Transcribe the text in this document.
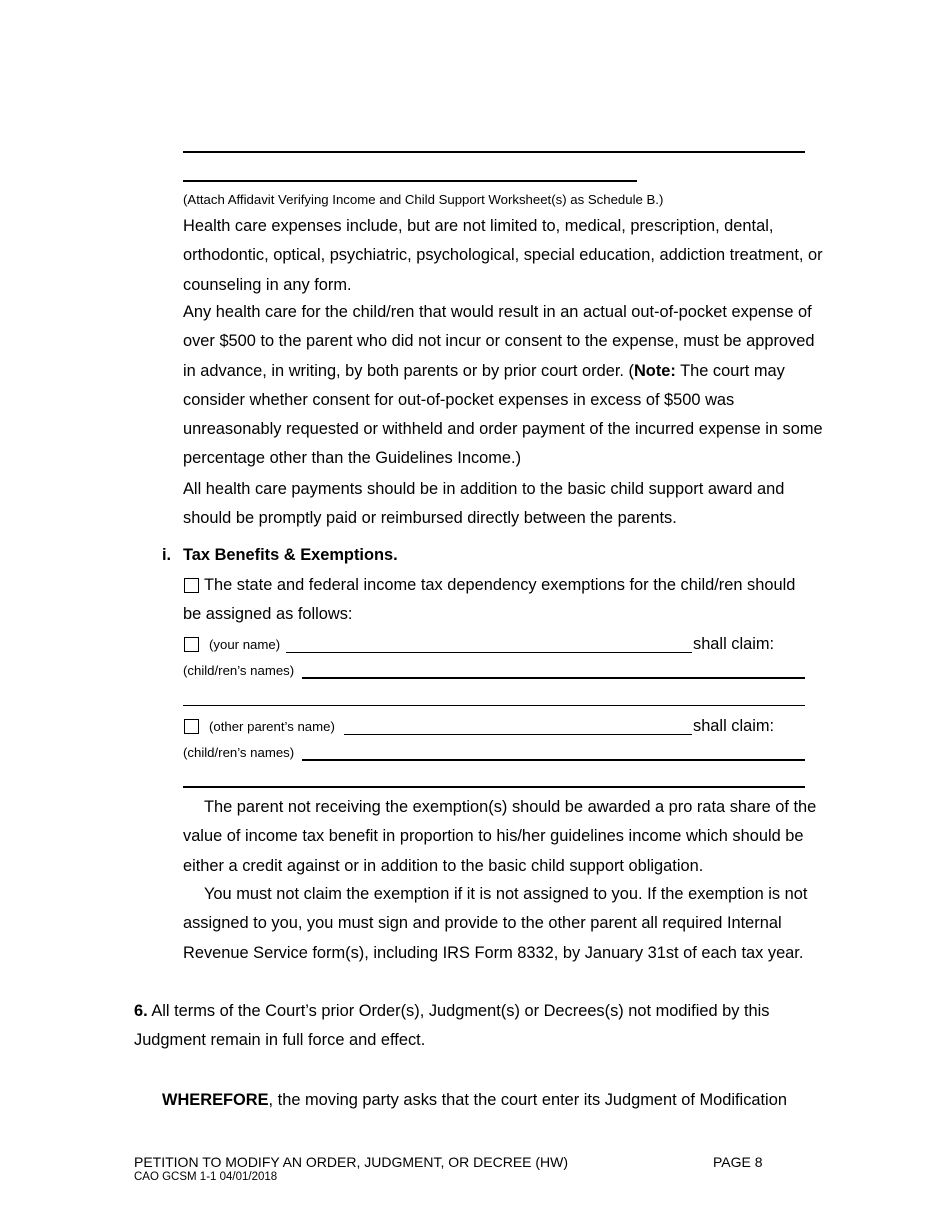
(Attach Affidavit Verifying Income and Child Support Worksheet(s) as Schedule B.)

Health care expenses include, but are not limited to, medical, prescription, dental, orthodontic, optical, psychiatric, psychological, special education, addiction treatment, or counseling in any form.

Any health care for the child/ren that would result in an actual out-of-pocket expense of over $500 to the parent who did not incur or consent to the expense, must be approved in advance, in writing, by both parents or by prior court order. (Note: The court may consider whether consent for out-of-pocket expenses in excess of $500 was unreasonably requested or withheld and order payment of the incurred expense in some percentage other than the Guidelines Income.)

All health care payments should be in addition to the basic child support award and should be promptly paid or reimbursed directly between the parents.

i. Tax Benefits & Exemptions.

The state and federal income tax dependency exemptions for the child/ren should be assigned as follows:

(your name)	shall claim:
(child/ren’s names)
(other parent’s name)	shall claim:
(child/ren’s names)

The parent not receiving the exemption(s) should be awarded a pro rata share of the value of income tax benefit in proportion to his/her guidelines income which should be either a credit against or in addition to the basic child support obligation.

You must not claim the exemption if it is not assigned to you. If the exemption is not assigned to you, you must sign and provide to the other parent all required Internal Revenue Service form(s), including IRS Form 8332, by January 31st of each tax year.

6. All terms of the Court’s prior Order(s), Judgment(s) or Decrees(s) not modified by this Judgment remain in full force and effect.

WHEREFORE, the moving party asks that the court enter its Judgment of Modification

PETITION TO MODIFY AN ORDER, JUDGMENT, OR DECREE (HW)	PAGE 8
CAO GCSM 1-1 04/01/2018
